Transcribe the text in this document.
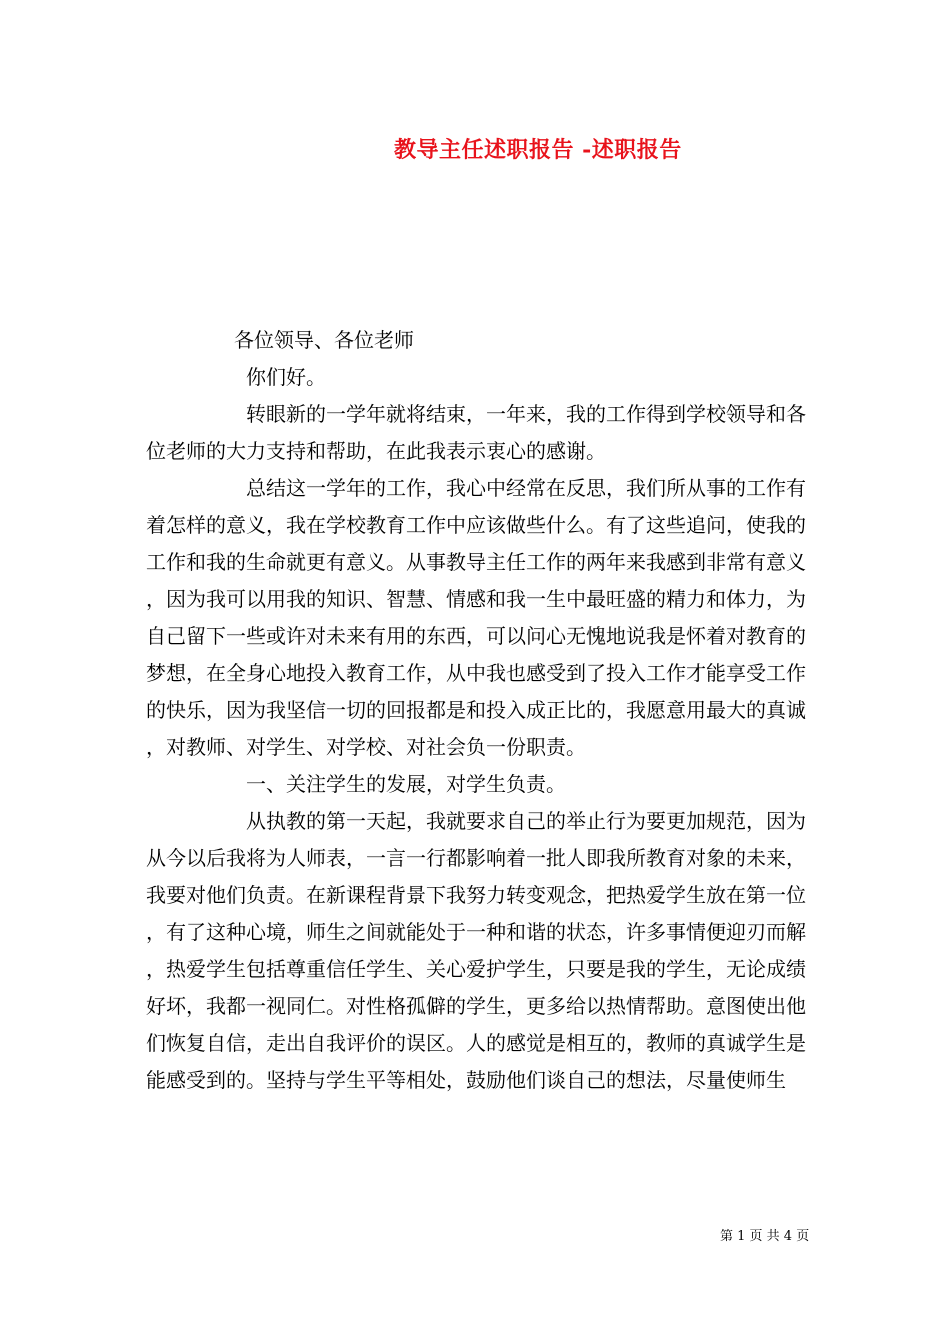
教导主任述职报告 -述职报告

各位领导、各位老师

你们好。

转眼新的一学年就将结束，一年来，我的工作得到学校领导和各位老师的大力支持和帮助，在此我表示衷心的感谢。

总结这一学年的工作，我心中经常在反思，我们所从事的工作有着怎样的意义，我在学校教育工作中应该做些什么。有了这些追问，使我的工作和我的生命就更有意义。从事教导主任工作的两年来我感到非常有意义，因为我可以用我的知识、智慧、情感和我一生中最旺盛的精力和体力，为自己留下一些或许对未来有用的东西，可以问心无愧地说我是怀着对教育的梦想，在全身心地投入教育工作，从中我也感受到了投入工作才能享受工作的快乐，因为我坚信一切的回报都是和投入成正比的，我愿意用最大的真诚，对教师、对学生、对学校、对社会负一份职责。

一、关注学生的发展，对学生负责。

从执教的第一天起，我就要求自己的举止行为要更加规范，因为从今以后我将为人师表，一言一行都影响着一批人即我所教育对象的未来，我要对他们负责。在新课程背景下我努力转变观念，把热爱学生放在第一位，有了这种心境，师生之间就能处于一种和谐的状态，许多事情便迎刃而解，热爱学生包括尊重信任学生、关心爱护学生，只要是我的学生，无论成绩好坏，我都一视同仁。对性格孤僻的学生，更多给以热情帮助。意图使出他们恢复自信，走出自我评价的误区。人的感觉是相互的，教师的真诚学生是能感受到的。坚持与学生平等相处，鼓励他们谈自己的想法，尽量使师生

第 1 页 共 4 页
